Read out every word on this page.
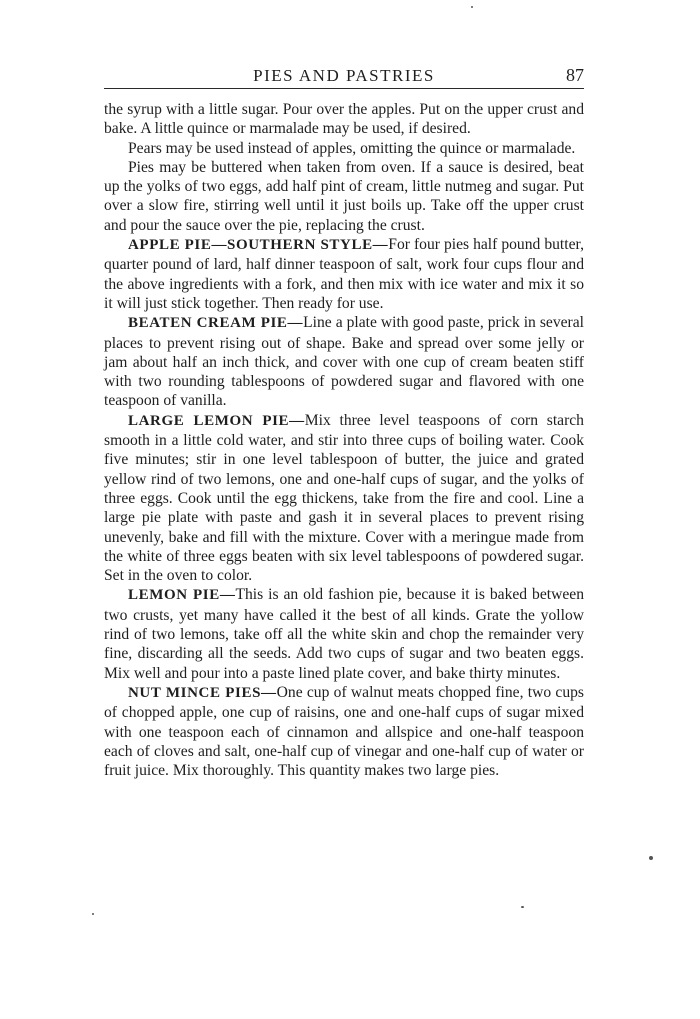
PIES AND PASTRIES	87

the syrup with a little sugar. Pour over the apples. Put on the upper crust and bake. A little quince or marmalade may be used, if desired.

Pears may be used instead of apples, omitting the quince or marmalade.

Pies may be buttered when taken from oven. If a sauce is desired, beat up the yolks of two eggs, add half pint of cream, little nutmeg and sugar. Put over a slow fire, stirring well until it just boils up. Take off the upper crust and pour the sauce over the pie, replacing the crust.

APPLE PIE—SOUTHERN STYLE—For four pies half pound butter, quarter pound of lard, half dinner teaspoon of salt, work four cups flour and the above ingredients with a fork, and then mix with ice water and mix it so it will just stick together. Then ready for use.

BEATEN CREAM PIE—Line a plate with good paste, prick in several places to prevent rising out of shape. Bake and spread over some jelly or jam about half an inch thick, and cover with one cup of cream beaten stiff with two rounding tablespoons of powdered sugar and flavored with one teaspoon of vanilla.

LARGE LEMON PIE—Mix three level teaspoons of corn starch smooth in a little cold water, and stir into three cups of boiling water. Cook five minutes; stir in one level tablespoon of butter, the juice and grated yellow rind of two lemons, one and one-half cups of sugar, and the yolks of three eggs. Cook until the egg thickens, take from the fire and cool. Line a large pie plate with paste and gash it in several places to prevent rising unevenly, bake and fill with the mixture. Cover with a meringue made from the white of three eggs beaten with six level tablespoons of powdered sugar. Set in the oven to color.

LEMON PIE—This is an old fashion pie, because it is baked between two crusts, yet many have called it the best of all kinds. Grate the yollow rind of two lemons, take off all the white skin and chop the remainder very fine, discarding all the seeds. Add two cups of sugar and two beaten eggs. Mix well and pour into a paste lined plate cover, and bake thirty minutes.

NUT MINCE PIES—One cup of walnut meats chopped fine, two cups of chopped apple, one cup of raisins, one and one-half cups of sugar mixed with one teaspoon each of cinnamon and allspice and one-half teaspoon each of cloves and salt, one-half cup of vinegar and one-half cup of water or fruit juice. Mix thoroughly. This quantity makes two large pies.
